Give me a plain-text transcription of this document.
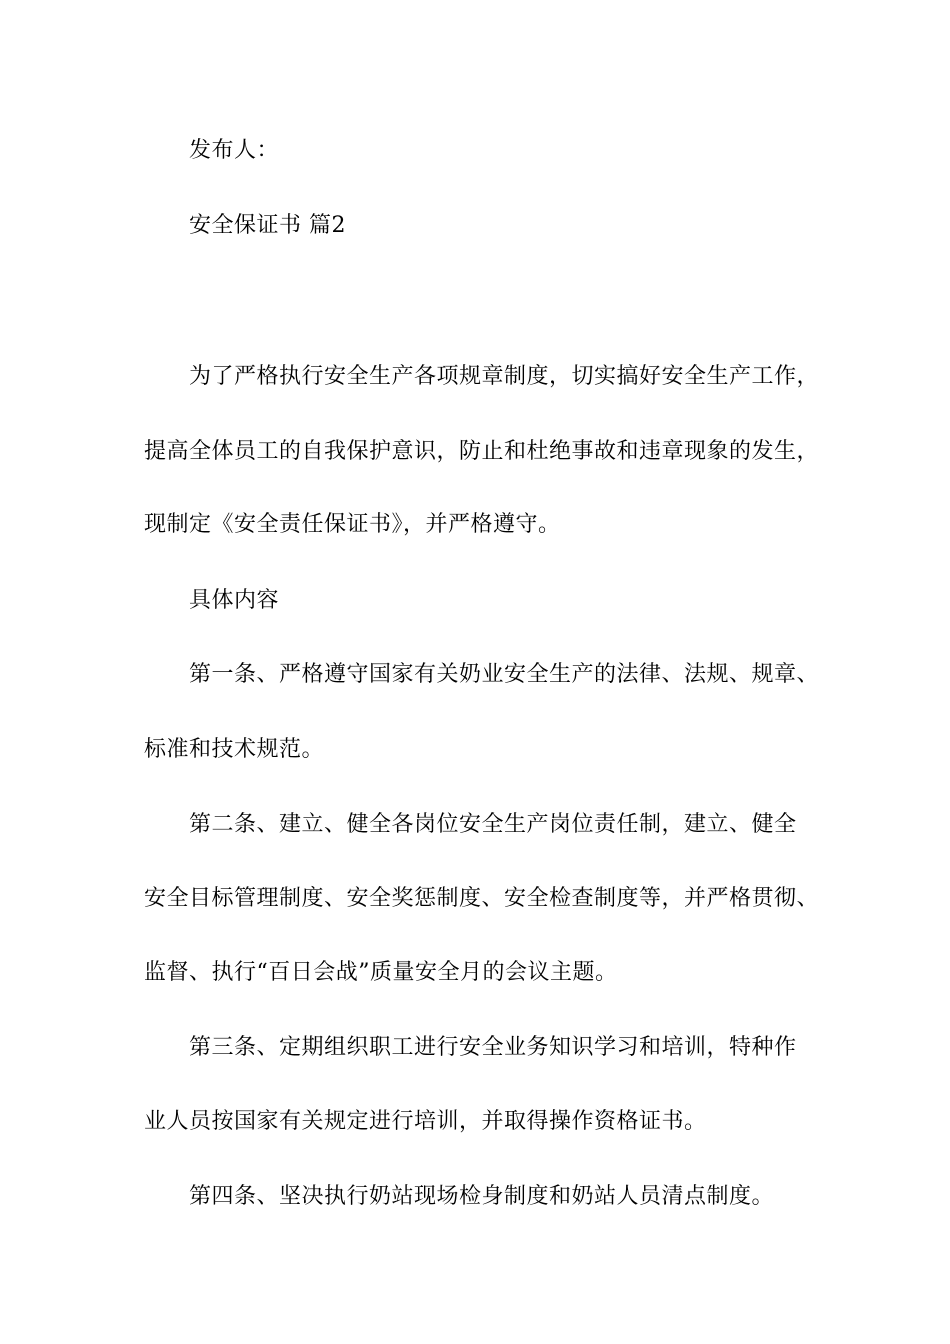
发布人：
安全保证书 篇2
为了严格执行安全生产各项规章制度，切实搞好安全生产工作，
提高全体员工的自我保护意识，防止和杜绝事故和违章现象的发生，
现制定《安全责任保证书》，并严格遵守。
具体内容
第一条、严格遵守国家有关奶业安全生产的法律、法规、规章、
标准和技术规范。
第二条、建立、健全各岗位安全生产岗位责任制，建立、健全
安全目标管理制度、安全奖惩制度、安全检查制度等，并严格贯彻、
监督、执行“百日会战”质量安全月的会议主题。
第三条、定期组织职工进行安全业务知识学习和培训，特种作
业人员按国家有关规定进行培训，并取得操作资格证书。
第四条、坚决执行奶站现场检身制度和奶站人员清点制度。
